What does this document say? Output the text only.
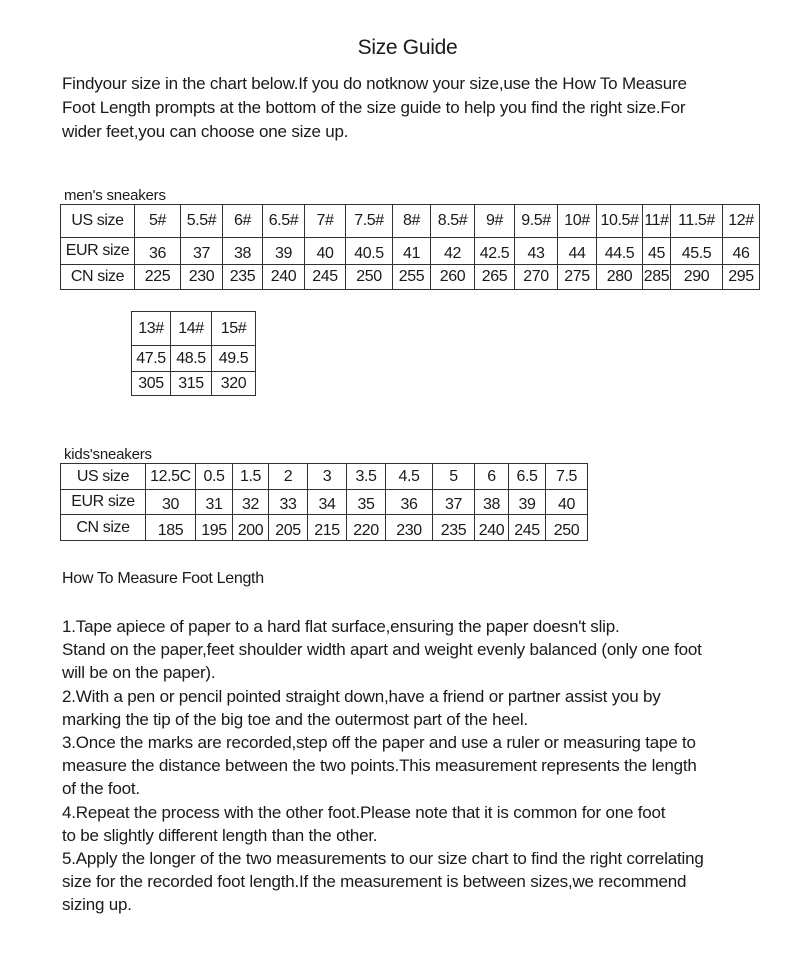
Size Guide
Findyour size in the chart below.If you do notknow your size,use the How To Measure
Foot Length prompts at the bottom of the size guide to help you find the right size.For
wider feet,you can choose one size up.
men's sneakers
US size	5#	5.5#	6#	6.5#	7#	7.5#	8#	8.5#	9#	9.5#	10#	10.5#	11#	11.5#	12#
EUR size	36	37	38	39	40	40.5	41	42	42.5	43	44	44.5	45	45.5	46
CN size	225	230	235	240	245	250	255	260	265	270	275	280	285	290	295
13#	14#	15#
47.5	48.5	49.5
305	315	320
kids'sneakers
US size	12.5C	0.5	1.5	2	3	3.5	4.5	5	6	6.5	7.5
EUR size	30	31	32	33	34	35	36	37	38	39	40
CN size	185	195	200	205	215	220	230	235	240	245	250
How To Measure Foot Length
1.Tape apiece of paper to a hard flat surface,ensuring the paper doesn't slip.
Stand on the paper,feet shoulder width apart and weight evenly balanced (only one foot
will be on the paper).
2.With a pen or pencil pointed straight down,have a friend or partner assist you by
marking the tip of the big toe and the outermost part of the heel.
3.Once the marks are recorded,step off the paper and use a ruler or measuring tape to
measure the distance between the two points.This measurement represents the length
of the foot.
4.Repeat the process with the other foot.Please note that it is common for one foot
to be slightly different length than the other.
5.Apply the longer of the two measurements to our size chart to find the right correlating
size for the recorded foot length.If the measurement is between sizes,we recommend
sizing up.
